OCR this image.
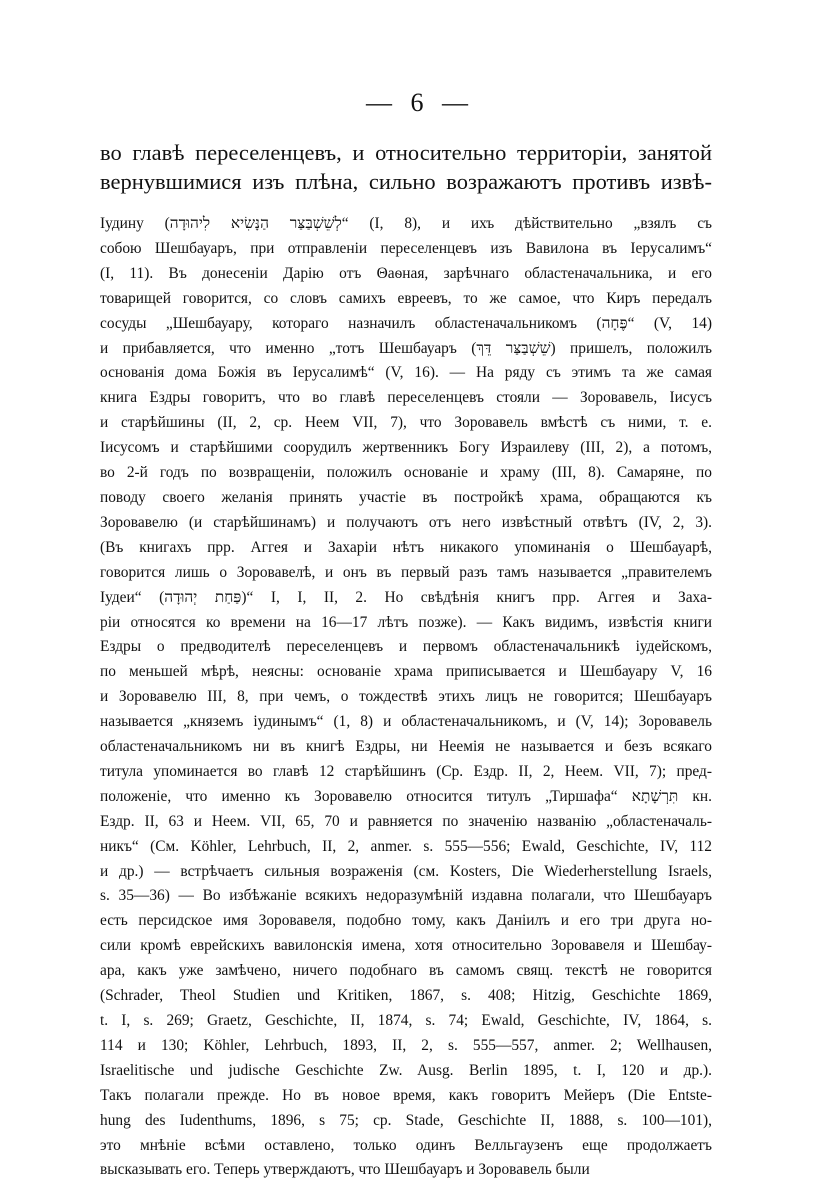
— 6 —
во главѣ переселенцевъ, и относительно территоріи, занятой
вернувшимися изъ плѣна, сильно возражаютъ противъ извѣ-
Іудину (לְשֵׁשְׁבַּצַּר הַנָּשִׂיא לִיהוּדָה“ (I, 8), и ихъ дѣйствительно „взялъ съ
собою Шешбауаръ, при отправленіи переселенцевъ изъ Вавилона въ Іерусалимъ“
(I, 11). Въ донесеніи Дарію отъ Θаѳная, зарѣчнаго областеначальника, и его
товарищей говорится, со словъ самихъ евреевъ, то же самое, что Киръ передалъ
сосуды „Шешбауару, котораго назначилъ областеначальникомъ (פֶּחָה“ (V, 14)
и прибавляется, что именно „тотъ Шешбауаръ (שֵׁשְׁבַּצַּר דֵּךְ) пришелъ, положилъ
основанія дома Божія въ Іерусалимѣ“ (V, 16). — На ряду съ этимъ та же самая
книга Ездры говоритъ, что во главѣ переселенцевъ стояли — Зоровавель, Іисусъ
и старѣйшины (II, 2, ср. Неем VII, 7), что Зоровавель вмѣстѣ съ ними, т. е.
Іисусомъ и старѣйшими соорудилъ жертвенникъ Богу Израилеву (III, 2), а потомъ,
во 2-й годъ по возвращеніи, положилъ основаніе и храму (III, 8). Самаряне, по
поводу своего желанія принять участіе въ постройкѣ храма, обращаются къ
Зоровавелю (и старѣйшинамъ) и получаютъ отъ него извѣстный отвѣтъ (IV, 2, 3).
(Въ книгахъ прр. Аггея и Захаріи нѣтъ никакого упоминанія о Шешбауарѣ,
говорится лишь о Зоровавелѣ, и онъ въ первый разъ тамъ называется „правителемъ
Іудеи“ (פַּחַת יְהוּדָה)“ I, I, II, 2. Но свѣдѣнія книгъ прр. Аггея и Заха-
ріи относятся ко времени на 16—17 лѣтъ позже). — Какъ видимъ, извѣстія книги
Ездры о предводителѣ переселенцевъ и первомъ областеначальникѣ іудейскомъ,
по меньшей мѣрѣ, неясны: основаніе храма приписывается и Шешбауару V, 16
и Зоровавелю III, 8, при чемъ, о тождествѣ этихъ лицъ не говорится; Шешбауаръ
называется „княземъ іудинымъ“ (1, 8) и областеначальникомъ, и (V, 14); Зоровавель
областеначальникомъ ни въ книгѣ Ездры, ни Неемія не называется и безъ всякаго
титула упоминается во главѣ 12 старѣйшинъ (Ср. Ездр. II, 2, Неем. VII, 7); пред-
положеніе, что именно къ Зоровавелю относится титулъ „Тиршафа“ תִּרְשָׁתָא кн.
Ездр. II, 63 и Неем. VII, 65, 70 и равняется по значенію названію „областеначаль-
никъ“ (См. Köhler, Lehrbuch, II, 2, anmer. s. 555—556; Ewald, Geschichte, IV, 112
и др.) — встрѣчаетъ сильныя возраженія (см. Kosters, Die Wiederherstellung Israels,
s. 35—36) — Во избѣжаніе всякихъ недоразумѣній издавна полагали, что Шешбауаръ
есть персидское имя Зоровавеля, подобно тому, какъ Даніилъ и его три друга но-
сили кромѣ еврейскихъ вавилонскія имена, хотя относительно Зоровавеля и Шешбау-
ара, какъ уже замѣчено, ничего подобнаго въ самомъ свящ. текстѣ не говорится
(Schrader, Theol Studien und Kritiken, 1867, s. 408; Hitzig, Geschichte 1869,
t. I, s. 269; Graetz, Geschichte, II, 1874, s. 74; Ewald, Geschichte, IV, 1864, s.
114 и 130; Köhler, Lehrbuch, 1893, II, 2, s. 555—557, anmer. 2; Wellhausen,
Israelitische und judische Geschichte Zw. Ausg. Berlin 1895, t. I, 120 и др.).
Такъ полагали прежде. Но въ новое время, какъ говоритъ Мейеръ (Die Entste-
hung des Iudenthums, 1896, s 75; ср. Stade, Geschichte II, 1888, s. 100—101),
это мнѣніе всѣми оставлено, только одинъ Велльгаузенъ еще продолжаетъ
высказывать его. Теперь утверждаютъ, что Шешбауаръ и Зоровавель были
